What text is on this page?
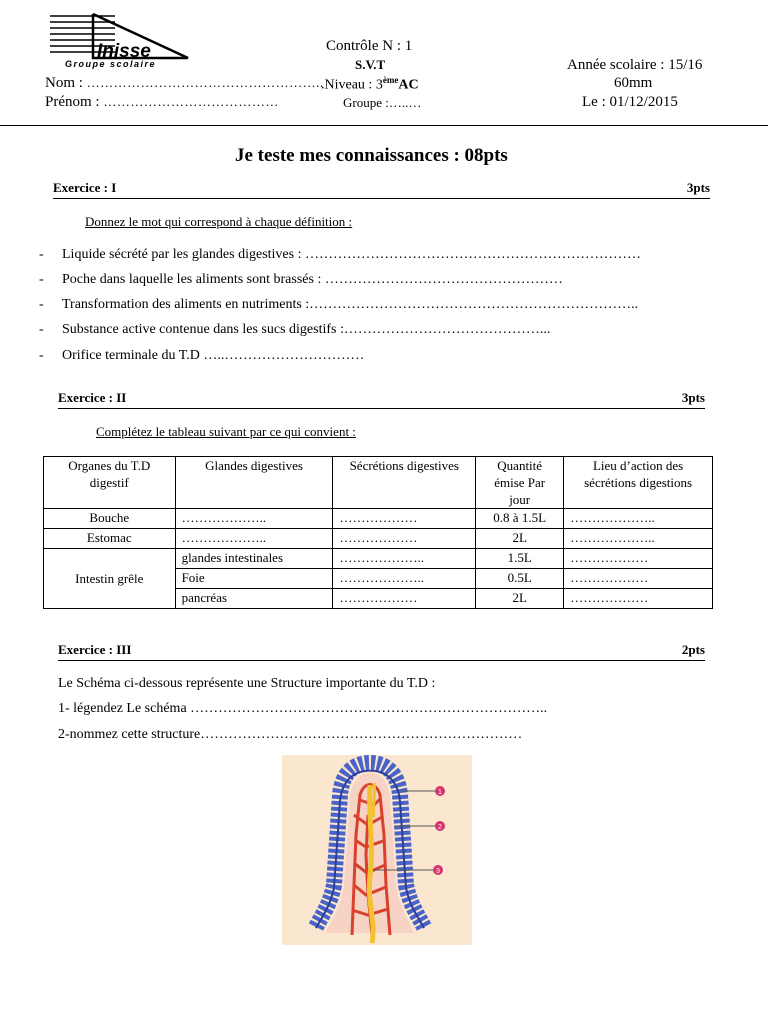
Inisse
Groupe scolaire
Contrôle N : 1
S.V.T
.Niveau : 3èmeAC
Groupe :…..…
Année scolaire : 15/16
60mm
Le : 01/12/2015
Nom : ……………………………………………..
Prénom : …………………………………
Je teste mes connaissances : 08pts
Exercice : I	3pts
Donnez le mot qui correspond à chaque définition :
- Liquide sécrété par les glandes digestives : ………………………………………………………………
- Poche dans laquelle les aliments sont brassés : ……………………………………………
- Transformation des aliments en nutriments :……………………………………………………………..
- Substance active contenue dans les sucs digestifs :……………………………………...
- Orifice terminale du T.D …..…………………………
Exercice : II	3pts
Complétez le tableau suivant par ce qui convient :
Organes du T.D digestif	Glandes digestives	Sécrétions digestives	Quantité émise Par jour	Lieu d’action des sécrétions digestions
Bouche	………………..	………………	0.8 à 1.5L	………………..
Estomac	………………..	………………	2L	………………..
Intestin grêle	glandes intestinales	………………..	1.5L	………………
	Foie	………………..	0.5L	………………
	pancréas	………………	2L	………………
Exercice : III	2pts
Le Schéma ci-dessous représente une Structure importante du T.D :
1- légendez Le schéma …………………………………………………………………..
2-nommez cette structure……………………………………………………………
1
2
3
